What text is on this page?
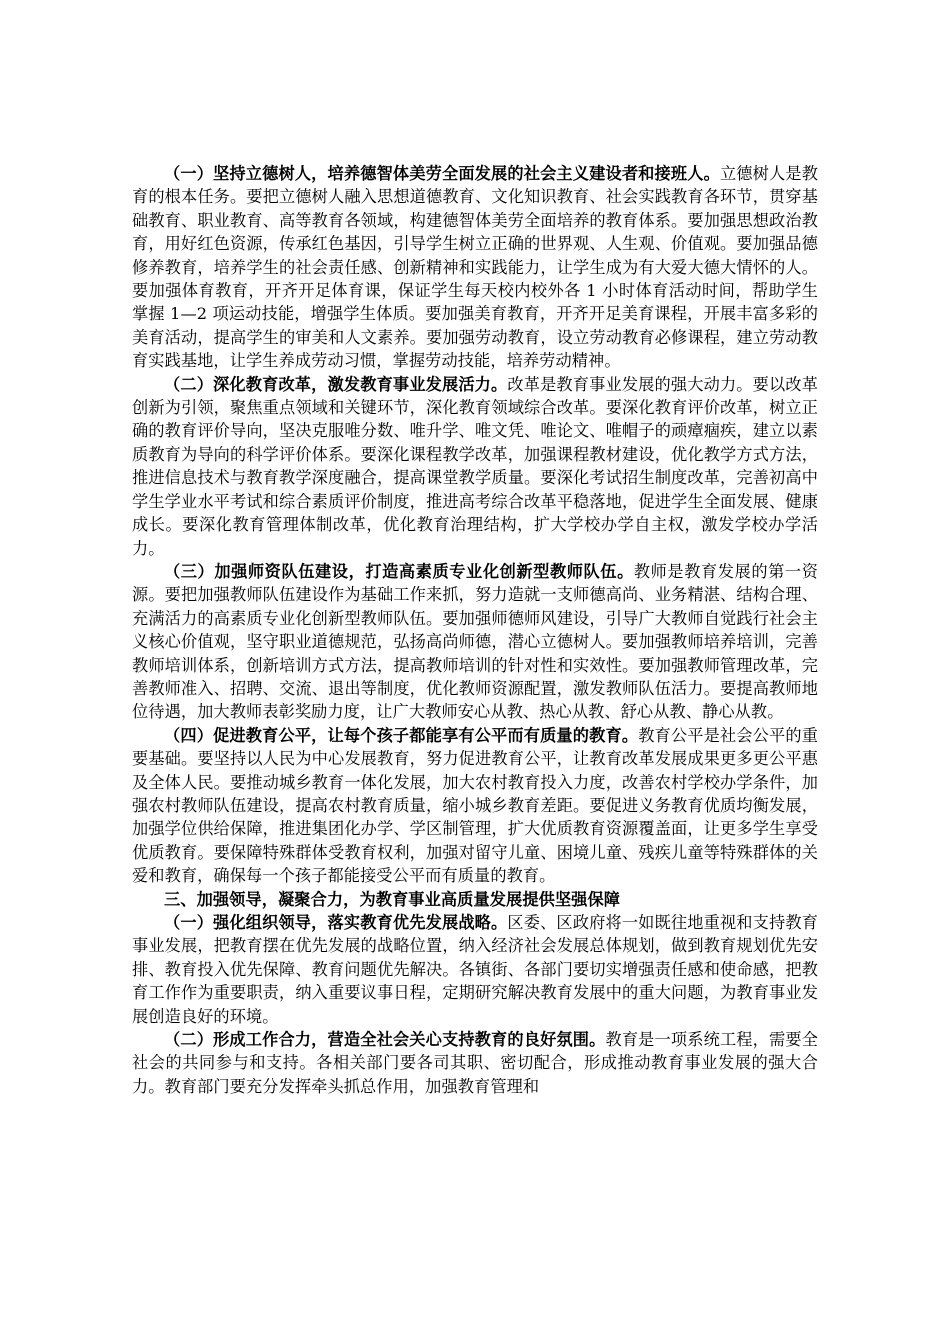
（一）坚持立德树人，培养德智体美劳全面发展的社会主义建设者和接班人。立德树人是教育的根本任务。要把立德树人融入思想道德教育、文化知识教育、社会实践教育各环节，贯穿基础教育、职业教育、高等教育各领域，构建德智体美劳全面培养的教育体系。要加强思想政治教育，用好红色资源，传承红色基因，引导学生树立正确的世界观、人生观、价值观。要加强品德修养教育，培养学生的社会责任感、创新精神和实践能力，让学生成为有大爱大德大情怀的人。要加强体育教育，开齐开足体育课，保证学生每天校内校外各 1 小时体育活动时间，帮助学生掌握 1—2 项运动技能，增强学生体质。要加强美育教育，开齐开足美育课程，开展丰富多彩的美育活动，提高学生的审美和人文素养。要加强劳动教育，设立劳动教育必修课程，建立劳动教育实践基地，让学生养成劳动习惯，掌握劳动技能，培养劳动精神。

（二）深化教育改革，激发教育事业发展活力。改革是教育事业发展的强大动力。要以改革创新为引领，聚焦重点领域和关键环节，深化教育领域综合改革。要深化教育评价改革，树立正确的教育评价导向，坚决克服唯分数、唯升学、唯文凭、唯论文、唯帽子的顽瘴痼疾，建立以素质教育为导向的科学评价体系。要深化课程教学改革，加强课程教材建设，优化教学方式方法，推进信息技术与教育教学深度融合，提高课堂教学质量。要深化考试招生制度改革，完善初高中学生学业水平考试和综合素质评价制度，推进高考综合改革平稳落地，促进学生全面发展、健康成长。要深化教育管理体制改革，优化教育治理结构，扩大学校办学自主权，激发学校办学活力。

（三）加强师资队伍建设，打造高素质专业化创新型教师队伍。教师是教育发展的第一资源。要把加强教师队伍建设作为基础工作来抓，努力造就一支师德高尚、业务精湛、结构合理、充满活力的高素质专业化创新型教师队伍。要加强师德师风建设，引导广大教师自觉践行社会主义核心价值观，坚守职业道德规范，弘扬高尚师德，潜心立德树人。要加强教师培养培训，完善教师培训体系，创新培训方式方法，提高教师培训的针对性和实效性。要加强教师管理改革，完善教师准入、招聘、交流、退出等制度，优化教师资源配置，激发教师队伍活力。要提高教师地位待遇，加大教师表彰奖励力度，让广大教师安心从教、热心从教、舒心从教、静心从教。

（四）促进教育公平，让每个孩子都能享有公平而有质量的教育。教育公平是社会公平的重要基础。要坚持以人民为中心发展教育，努力促进教育公平，让教育改革发展成果更多更公平惠及全体人民。要推动城乡教育一体化发展，加大农村教育投入力度，改善农村学校办学条件，加强农村教师队伍建设，提高农村教育质量，缩小城乡教育差距。要促进义务教育优质均衡发展，加强学位供给保障，推进集团化办学、学区制管理，扩大优质教育资源覆盖面，让更多学生享受优质教育。要保障特殊群体受教育权利，加强对留守儿童、困境儿童、残疾儿童等特殊群体的关爱和教育，确保每一个孩子都能接受公平而有质量的教育。

三、加强领导，凝聚合力，为教育事业高质量发展提供坚强保障

（一）强化组织领导，落实教育优先发展战略。区委、区政府将一如既往地重视和支持教育事业发展，把教育摆在优先发展的战略位置，纳入经济社会发展总体规划，做到教育规划优先安排、教育投入优先保障、教育问题优先解决。各镇街、各部门要切实增强责任感和使命感，把教育工作作为重要职责，纳入重要议事日程，定期研究解决教育发展中的重大问题，为教育事业发展创造良好的环境。

（二）形成工作合力，营造全社会关心支持教育的良好氛围。教育是一项系统工程，需要全社会的共同参与和支持。各相关部门要各司其职、密切配合，形成推动教育事业发展的强大合力。教育部门要充分发挥牵头抓总作用，加强教育管理和
